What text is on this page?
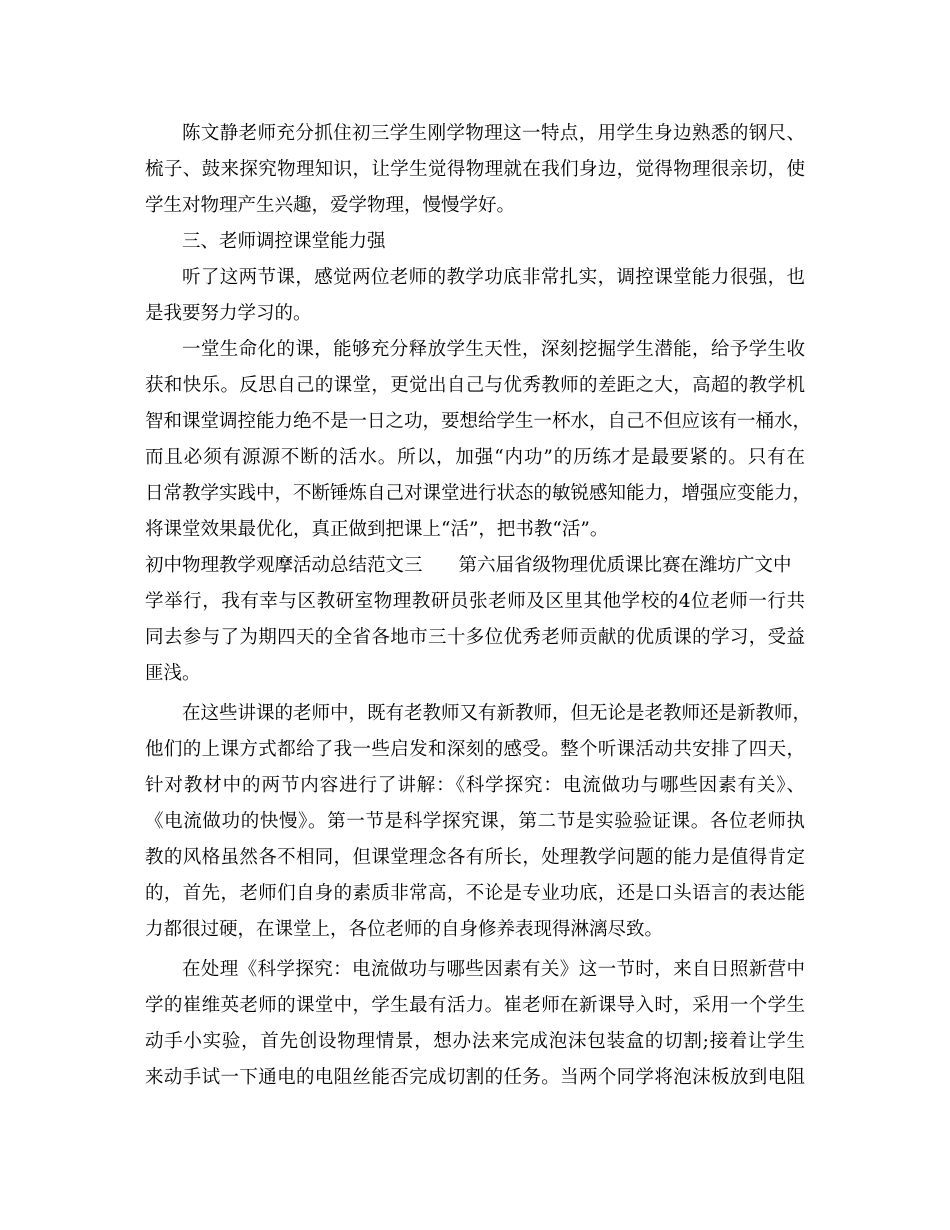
陈文静老师充分抓住初三学生刚学物理这一特点，用学生身边熟悉的钢尺、
梳子、鼓来探究物理知识，让学生觉得物理就在我们身边，觉得物理很亲切，使
学生对物理产生兴趣，爱学物理，慢慢学好。
三、老师调控课堂能力强
听了这两节课，感觉两位老师的教学功底非常扎实，调控课堂能力很强，也
是我要努力学习的。
一堂生命化的课，能够充分释放学生天性，深刻挖掘学生潜能，给予学生收
获和快乐。反思自己的课堂，更觉出自己与优秀教师的差距之大，高超的教学机
智和课堂调控能力绝不是一日之功，要想给学生一杯水，自己不但应该有一桶水，
而且必须有源源不断的活水。所以，加强“内功”的历练才是最要紧的。只有在
日常教学实践中，不断锤炼自己对课堂进行状态的敏锐感知能力，增强应变能力，
将课堂效果最优化，真正做到把课上“活”，把书教“活”。
初中物理教学观摩活动总结范文三 第六届省级物理优质课比赛在潍坊广文中
学举行，我有幸与区教研室物理教研员张老师及区里其他学校的4位老师一行共
同去参与了为期四天的全省各地市三十多位优秀老师贡献的优质课的学习，受益
匪浅。
在这些讲课的老师中，既有老教师又有新教师，但无论是老教师还是新教师，
他们的上课方式都给了我一些启发和深刻的感受。整个听课活动共安排了四天，
针对教材中的两节内容进行了讲解：《科学探究：电流做功与哪些因素有关》、
《电流做功的快慢》。第一节是科学探究课，第二节是实验验证课。各位老师执
教的风格虽然各不相同，但课堂理念各有所长，处理教学问题的能力是值得肯定
的，首先，老师们自身的素质非常高，不论是专业功底，还是口头语言的表达能
力都很过硬，在课堂上，各位老师的自身修养表现得淋漓尽致。
在处理《科学探究：电流做功与哪些因素有关》这一节时，来自日照新营中
学的崔维英老师的课堂中，学生最有活力。崔老师在新课导入时，采用一个学生
动手小实验，首先创设物理情景，想办法来完成泡沫包装盒的切割;接着让学生
来动手试一下通电的电阻丝能否完成切割的任务。当两个同学将泡沫板放到电阻
